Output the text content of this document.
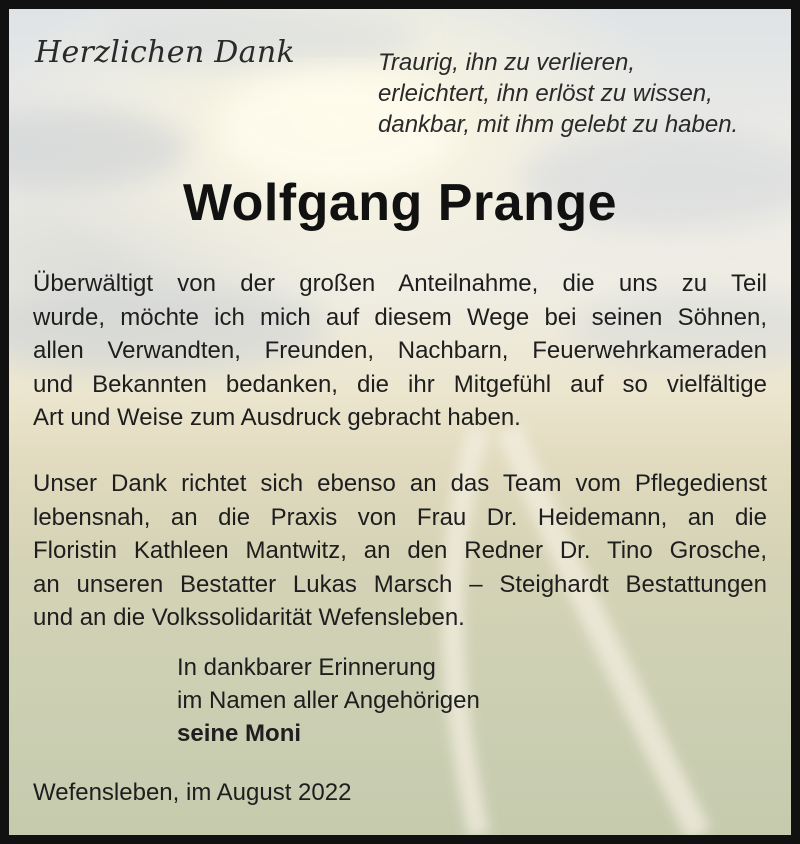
Herzlichen Dank	Traurig, ihn zu verlieren,
erleichtert, ihn erlöst zu wissen,
dankbar, mit ihm gelebt zu haben.
Wolfgang Prange
Überwältigt von der großen Anteilnahme, die uns zu Teil
wurde, möchte ich mich auf diesem Wege bei seinen Söhnen,
allen Verwandten, Freunden, Nachbarn, Feuerwehrkameraden
und Bekannten bedanken, die ihr Mitgefühl auf so vielfältige
Art und Weise zum Ausdruck gebracht haben.
Unser Dank richtet sich ebenso an das Team vom Pflegedienst
lebensnah, an die Praxis von Frau Dr. Heidemann, an die
Floristin Kathleen Mantwitz, an den Redner Dr. Tino Grosche,
an unseren Bestatter Lukas Marsch – Steighardt Bestattungen
und an die Volkssolidarität Wefensleben.
In dankbarer Erinnerung
im Namen aller Angehörigen
seine Moni
Wefensleben, im August 2022
